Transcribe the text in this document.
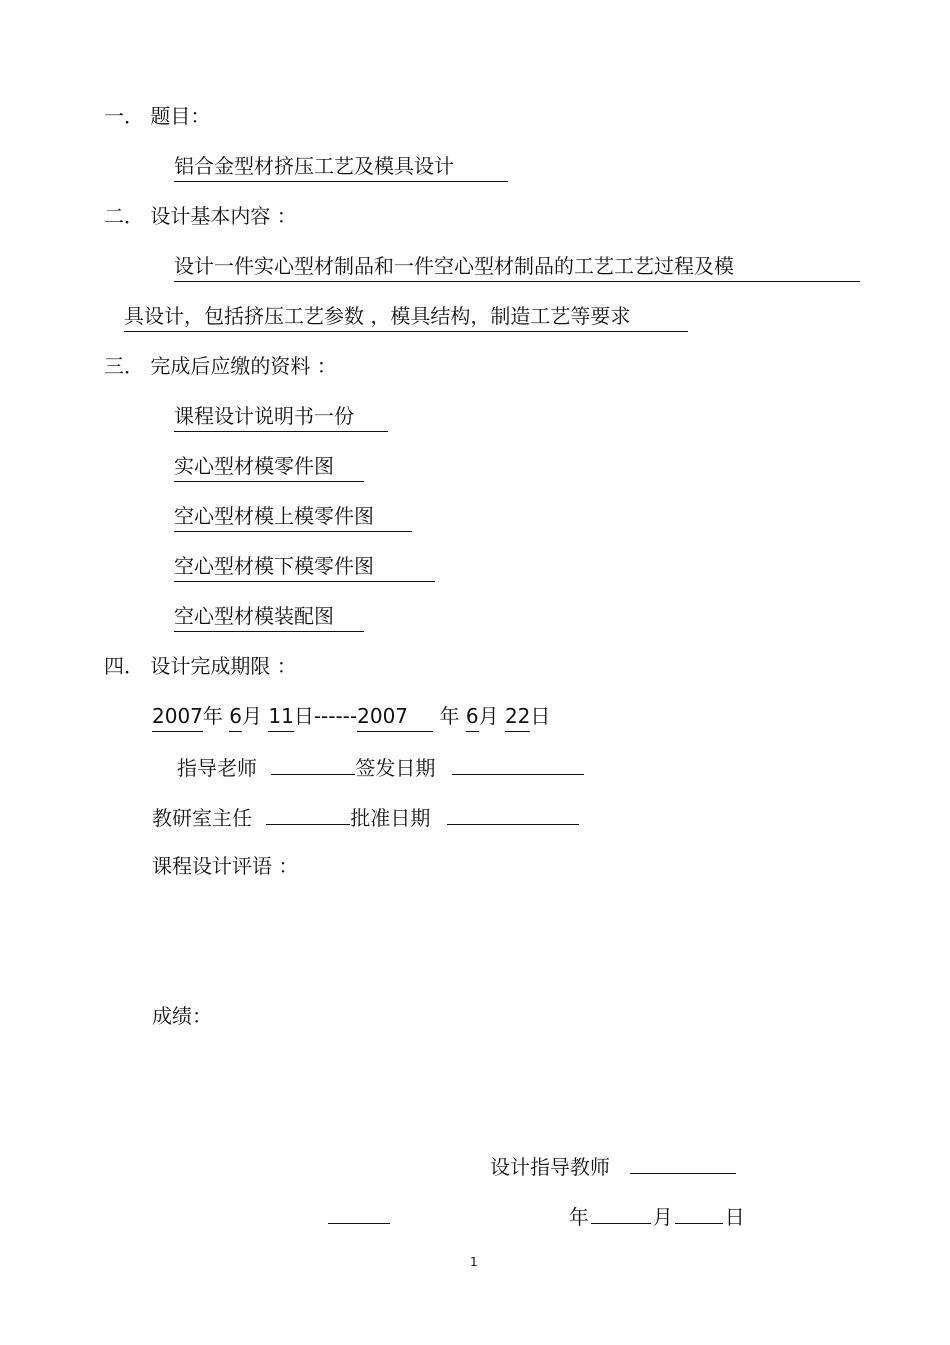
一． 题目：
铝合金型材挤压工艺及模具设计
二． 设计基本内容 ：
设计一件实心型材制品和一件空心型材制品的工艺工艺过程及模
具设计，包括挤压工艺参数 ，模具结构，制造工艺等要求
三． 完成后应缴的资料 ：
课程设计说明书一份
实心型材模零件图
空心型材模上模零件图
空心型材模下模零件图
空心型材模装配图
四． 设计完成期限 ：
2007年 6月 11日------2007 年 6月 22日
指导老师	签发日期
教研室主任	批准日期
课程设计评语 ：
成绩：
设计指导教师
年	月	日
1
